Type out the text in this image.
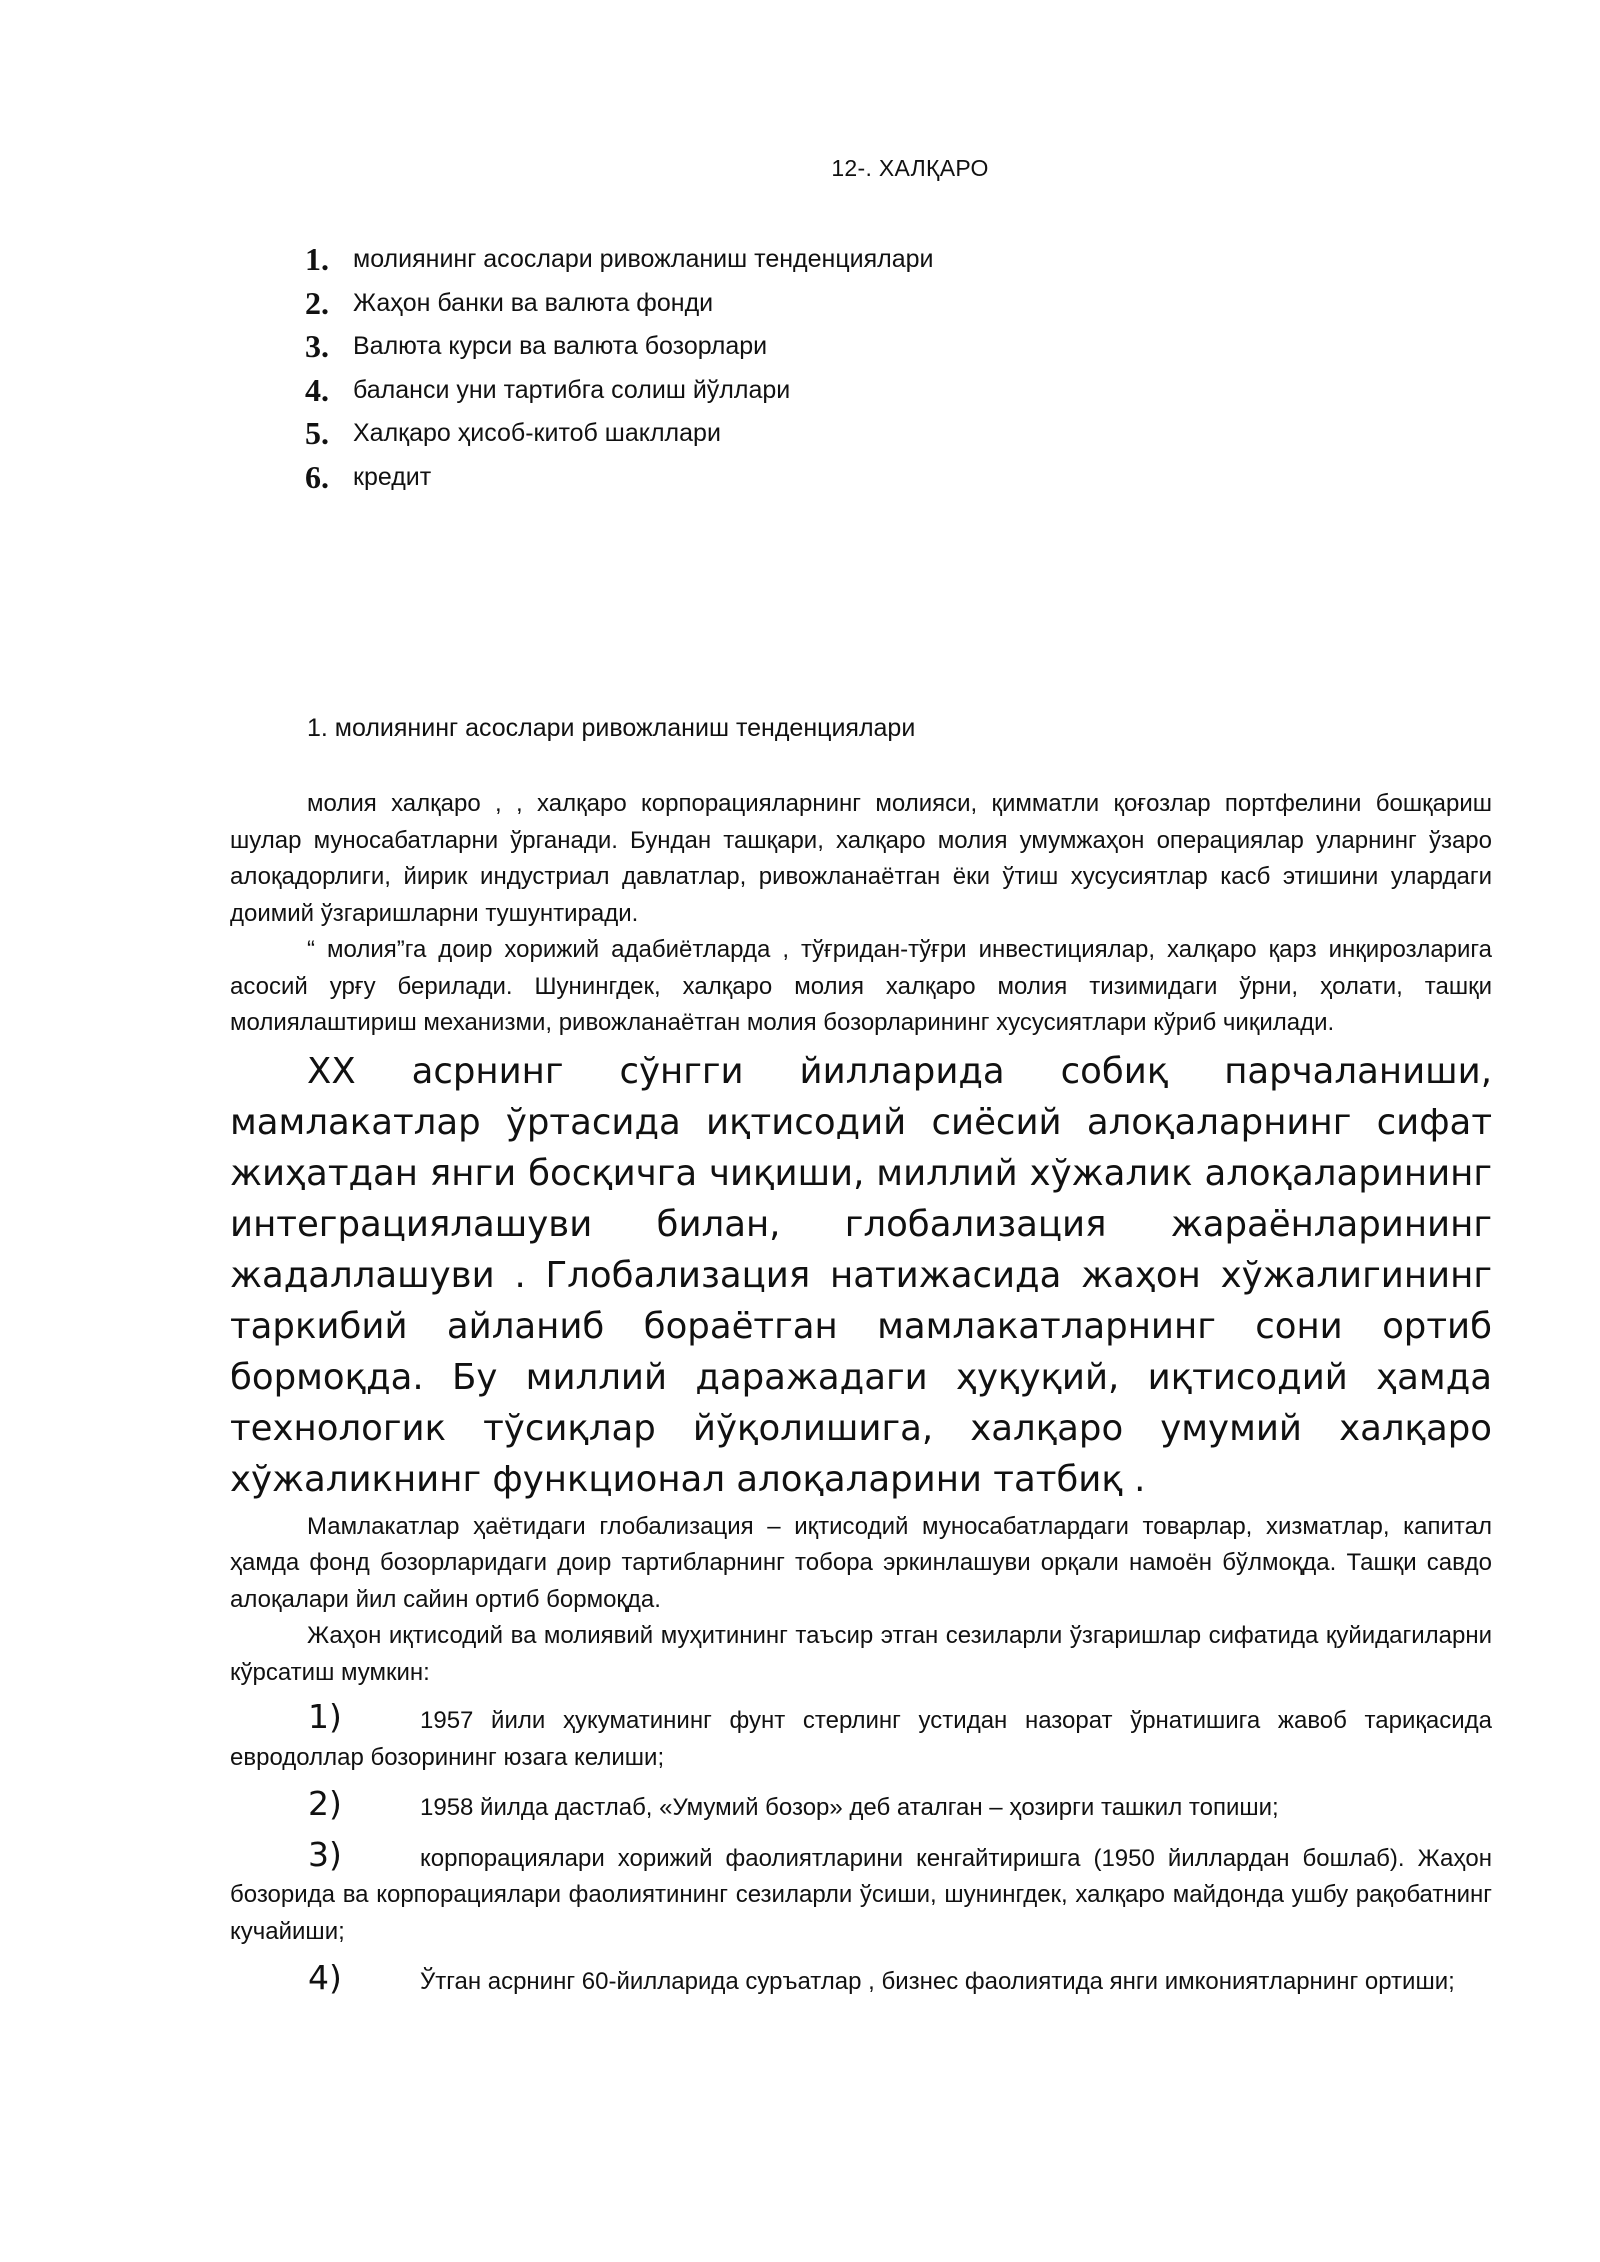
12-. ХАЛҚАРО
1. молиянинг асослари ривожланиш тенденциялари
2. Жаҳон банки ва валюта фонди
3. Валюта курси ва валюта бозорлари
4. баланси уни тартибга солиш йўллари
5. Халқаро ҳисоб-китоб шакллари
6. кредит
1. молиянинг асослари ривожланиш тенденциялари

молия халқаро , , халқаро корпорацияларнинг молияси, қимматли қоғозлар портфелини бошқариш шулар муносабатларни ўрганади. Бундан ташқари, халқаро молия умумжаҳон операциялар уларнинг ўзаро алоқадорлиги, йирик индустриал давлатлар, ривожланаётган ёки ўтиш хусусиятлар касб этишини улардаги доимий ўзгаришларни тушунтиради.

“ молия”га доир хорижий адабиётларда , тўғридан-тўғри инвестициялар, халқаро қарз инқирозларига асосий урғу берилади. Шунингдек, халқаро молия халқаро молия тизимидаги ўрни, ҳолати, ташқи молиялаштириш механизми, ривожланаётган молия бозорларининг хусусиятлари кўриб чиқилади.

ХХ асрнинг сўнгги йилларида собиқ парчаланиши, мамлакатлар ўртасида иқтисодий сиёсий алоқаларнинг сифат жиҳатдан янги босқичга чиқиши, миллий хўжалик алоқаларининг интеграциялашуви билан, глобализация жараёнларининг жадаллашуви . Глобализация натижасида жаҳон хўжалигининг таркибий айланиб бораётган мамлакатларнинг сони ортиб бормоқда. Бу миллий даражадаги ҳуқуқий, иқтисодий ҳамда технологик тўсиқлар йўқолишига, халқаро умумий халқаро хўжаликнинг функционал алоқаларини татбиқ .

Мамлакатлар ҳаётидаги глобализация – иқтисодий муносабатлардаги товарлар, хизматлар, капитал ҳамда фонд бозорларидаги доир тартибларнинг тобора эркинлашуви орқали намоён бўлмоқда. Ташқи савдо алоқалари йил сайин ортиб бормоқда.

Жаҳон иқтисодий ва молиявий муҳитининг таъсир этган сезиларли ўзгаришлар сифатида қуйидагиларни кўрсатиш мумкин:

1)	1957 йили ҳукуматининг фунт стерлинг устидан назорат ўрнатишига жавоб тариқасида евродоллар бозорининг юзага келиши;

2)	1958 йилда дастлаб, «Умумий бозор» деб аталган – ҳозирги ташкил топиши;

3)	корпорациялари хорижий фаолиятларини кенгайтиришга (1950 йиллардан бошлаб). Жаҳон бозорида ва корпорациялари фаолиятининг сезиларли ўсиши, шунингдек, халқаро майдонда ушбу рақобатнинг кучайиши;

4)	Ўтган асрнинг 60-йилларида суръатлар , бизнес фаолиятида янги имкониятларнинг ортиши;
